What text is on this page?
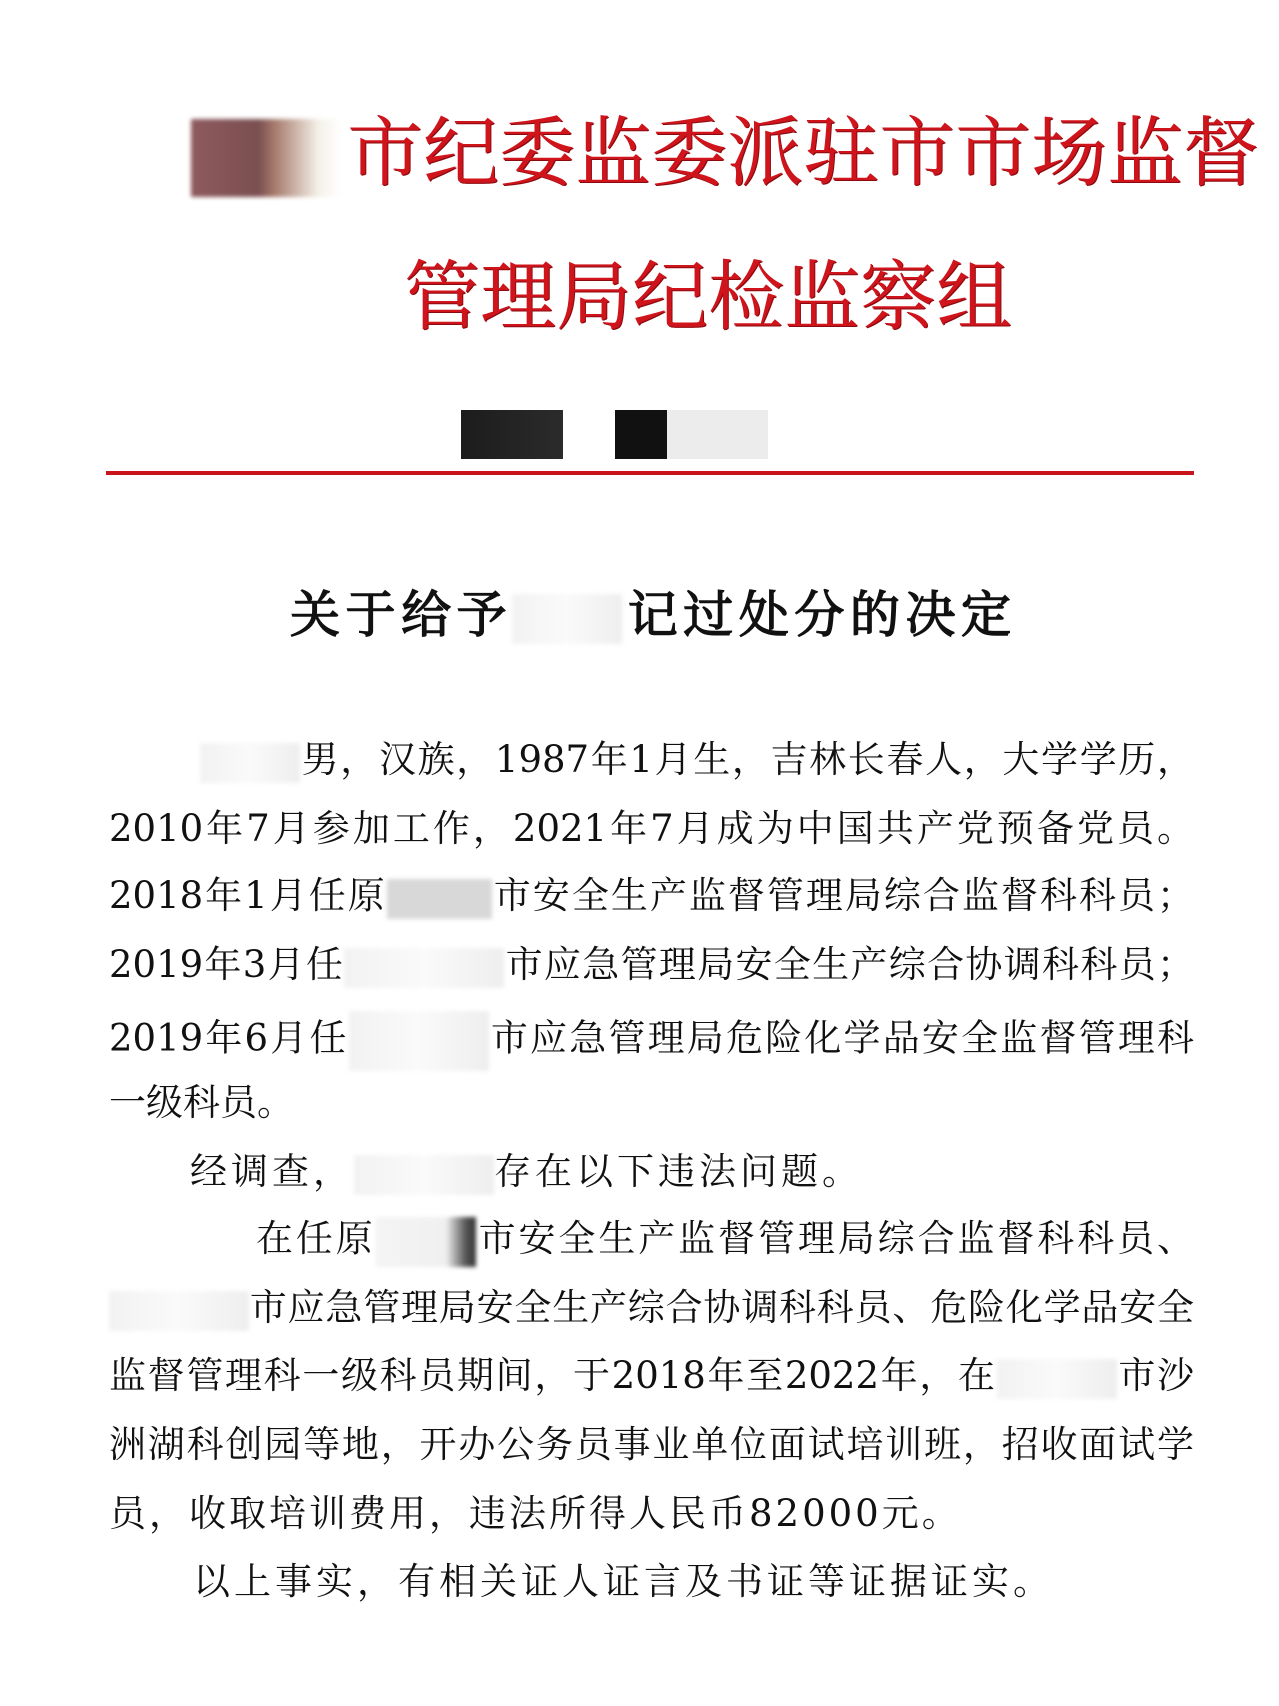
市纪委监委派驻市市场监督
管理局纪检监察组
关于给予 记过处分的决定
男，汉族，1987年1月生，吉林长春人，大学学历，
2010年7月参加工作，2021年7月成为中国共产党预备党员。
2018年1月任原	市安全生产监督管理局综合监督科科员；
2019年3月任	市应急管理局安全生产综合协调科科员；
2019年6月任	市应急管理局危险化学品安全监督管理科
一级科员。
经调查，	存在以下违法问题。
在任原	市安全生产监督管理局综合监督科科员、
市应急管理局安全生产综合协调科科员、危险化学品安全
监督管理科一级科员期间，于2018年至2022年，在	市沙
洲湖科创园等地，开办公务员事业单位面试培训班，招收面试学
员，收取培训费用，违法所得人民币82000元。
以上事实，有相关证人证言及书证等证据证实。
